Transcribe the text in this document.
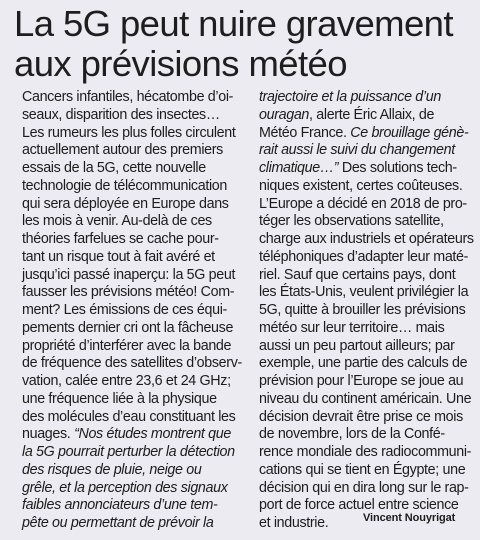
La 5G peut nuire gravement
aux prévisions météo
Cancers infantiles, hécatombe d’oi-
seaux, disparition des insectes…
Les rumeurs les plus folles circulent
actuellement autour des premiers
essais de la 5G, cette nouvelle
technologie de télécommunication
qui sera déployée en Europe dans
les mois à venir. Au-delà de ces
théories farfelues se cache pour-
tant un risque tout à fait avéré et
jusqu’ici passé inaperçu: la 5G peut
fausser les prévisions météo! Com-
ment? Les émissions de ces équi-
pements dernier cri ont la fâcheuse
propriété d’interférer avec la bande
de fréquence des satellites d’observ-
vation, calée entre 23,6 et 24 GHz;
une fréquence liée à la physique
des molécules d’eau constituant les
nuages. “Nos études montrent que
la 5G pourrait perturber la détection
des risques de pluie, neige ou
grêle, et la perception des signaux
faibles annonciateurs d’une tem-
pête ou permettant de prévoir la
trajectoire et la puissance d’un
ouragan, alerte Éric Allaix, de
Météo France. Ce brouillage génè-
rait aussi le suivi du changement
climatique…” Des solutions tech-
niques existent, certes coûteuses.
L’Europe a décidé en 2018 de pro-
téger les observations satellite,
charge aux industriels et opérateurs
téléphoniques d’adapter leur maté-
riel. Sauf que certains pays, dont
les États-Unis, veulent privilégier la
5G, quitte à brouiller les prévisions
météo sur leur territoire… mais
aussi un peu partout ailleurs; par
exemple, une partie des calculs de
prévision pour l’Europe se joue au
niveau du continent américain. Une
décision devrait être prise ce mois
de novembre, lors de la Confé-
rence mondiale des radiocommuni-
cations qui se tient en Égypte; une
décision qui en dira long sur le rap-
port de force actuel entre science
et industrie.	Vincent Nouyrigat
